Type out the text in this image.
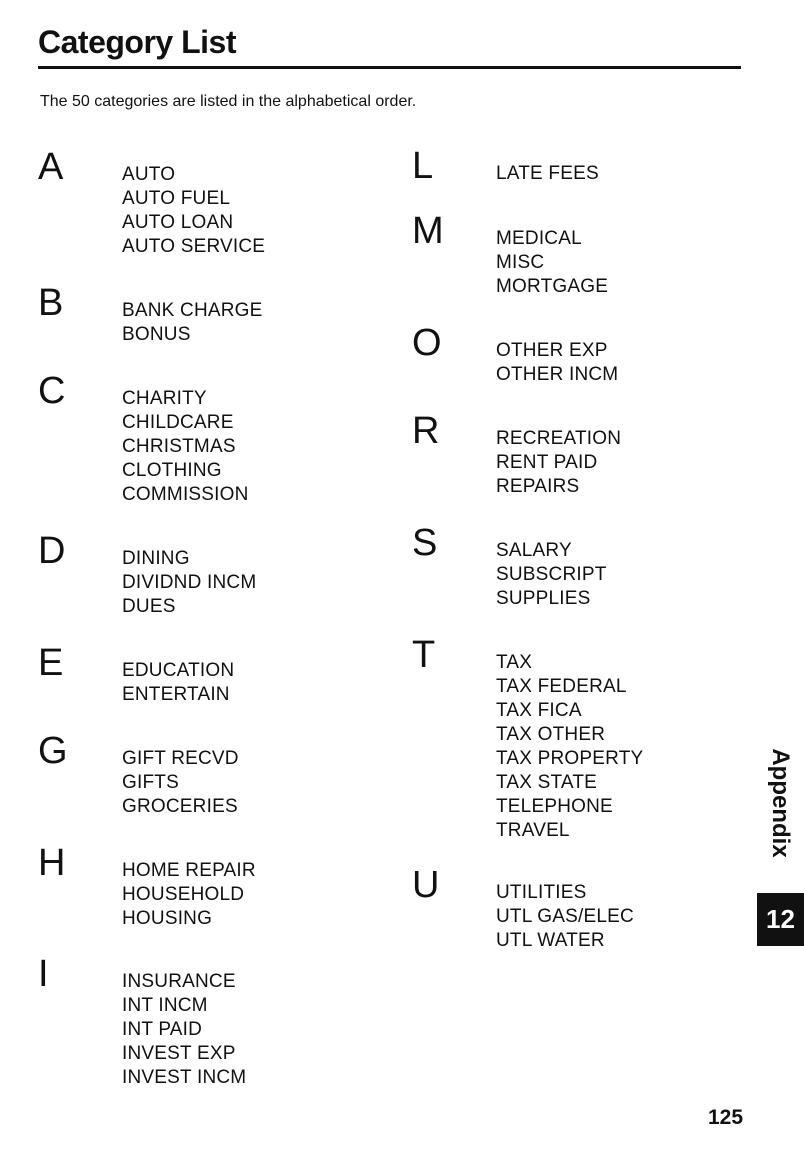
Category List
The 50 categories are listed in the alphabetical order.
A	AUTO
AUTO FUEL
AUTO LOAN
AUTO SERVICE
B	BANK CHARGE
BONUS
C	CHARITY
CHILDCARE
CHRISTMAS
CLOTHING
COMMISSION
D	DINING
DIVIDND INCM
DUES
E	EDUCATION
ENTERTAIN
G	GIFT RECVD
GIFTS
GROCERIES
H	HOME REPAIR
HOUSEHOLD
HOUSING
I	INSURANCE
INT INCM
INT PAID
INVEST EXP
INVEST INCM
L	LATE FEES
M	MEDICAL
MISC
MORTGAGE
O	OTHER EXP
OTHER INCM
R	RECREATION
RENT PAID
REPAIRS
S	SALARY
SUBSCRIPT
SUPPLIES
T	TAX
TAX FEDERAL
TAX FICA
TAX OTHER
TAX PROPERTY
TAX STATE
TELEPHONE
TRAVEL
U	UTILITIES
UTL GAS/ELEC
UTL WATER
Appendix
12
125
